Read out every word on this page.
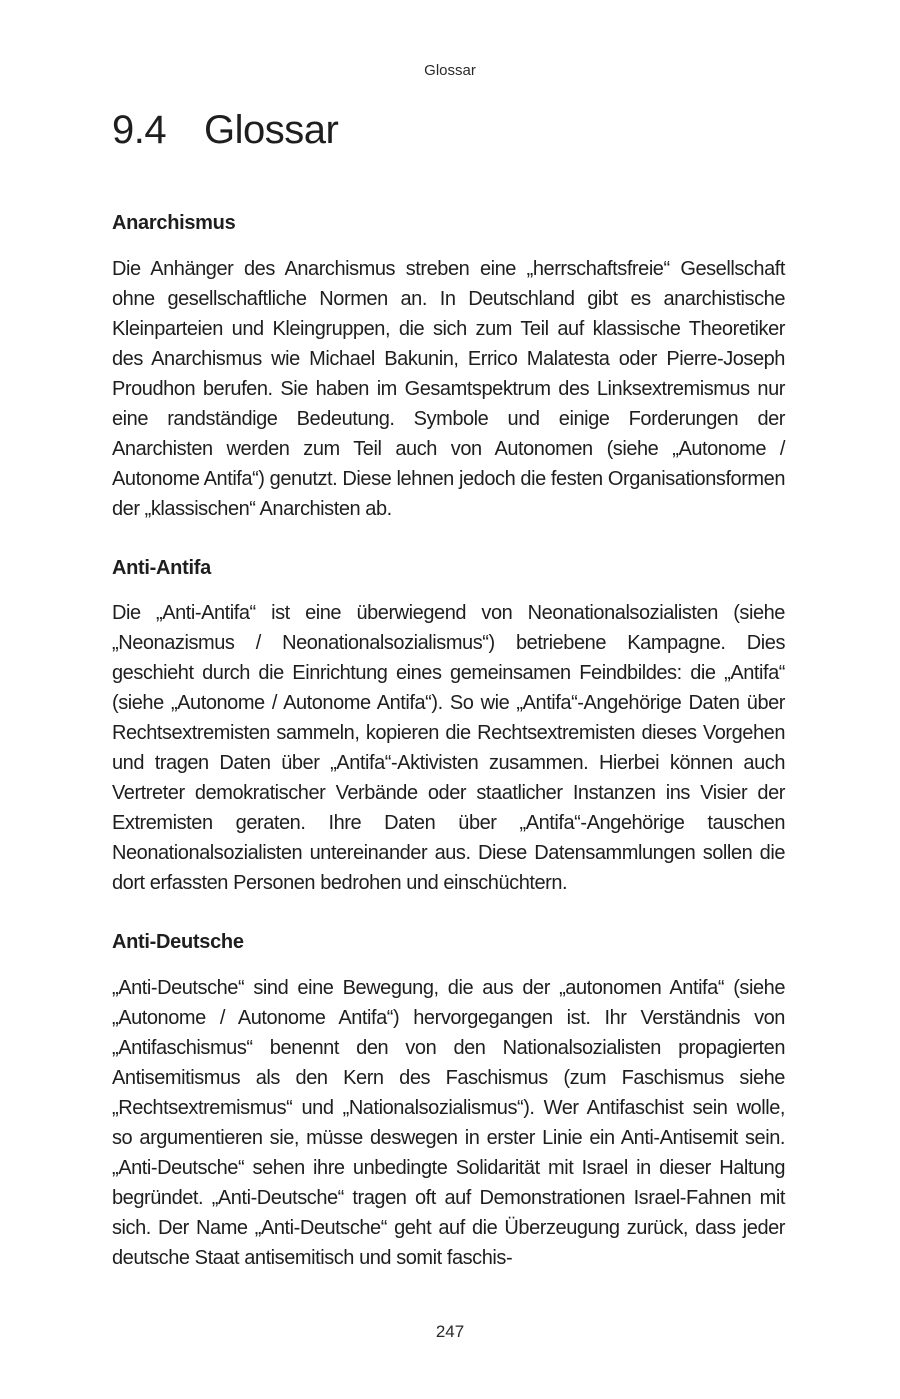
Glossar
9.4 Glossar
Anarchismus

Die Anhänger des Anarchismus streben eine „herrschaftsfreie“ Gesellschaft ohne gesellschaftliche Normen an. In Deutschland gibt es anarchistische Kleinparteien und Kleingruppen, die sich zum Teil auf klassische Theoretiker des Anarchismus wie Michael Bakunin, Errico Malatesta oder Pierre-Joseph Proudhon berufen. Sie haben im Gesamtspektrum des Linksextremismus nur eine randständige Bedeutung. Symbole und einige Forderungen der Anarchisten werden zum Teil auch von Autonomen (siehe „Autonome / Autonome Antifa“) genutzt. Diese lehnen jedoch die festen Organisationsformen der „klassischen“ Anarchisten ab.

Anti-Antifa

Die „Anti-Antifa“ ist eine überwiegend von Neonationalsozialisten (siehe „Neonazismus / Neonationalsozialismus“) betriebene Kampagne. Dies geschieht durch die Einrichtung eines gemeinsamen Feindbildes: die „Antifa“ (siehe „Autonome / Autonome Antifa“). So wie „Antifa“-Angehörige Daten über Rechtsextremisten sammeln, kopieren die Rechtsextremisten dieses Vorgehen und tragen Daten über „Antifa“-Aktivisten zusammen. Hierbei können auch Vertreter demokratischer Verbände oder staatlicher Instanzen ins Visier der Extremisten geraten. Ihre Daten über „Antifa“-Angehörige tauschen Neonationalsozialisten untereinander aus. Diese Datensammlungen sollen die dort erfassten Personen bedrohen und einschüchtern.

Anti-Deutsche

„Anti-Deutsche“ sind eine Bewegung, die aus der „autonomen Antifa“ (siehe „Autonome / Autonome Antifa“) hervorgegangen ist. Ihr Verständnis von „Antifaschismus“ benennt den von den Nationalsozialisten propagierten Antisemitismus als den Kern des Faschismus (zum Faschismus siehe „Rechtsextremismus“ und „Nationalsozialismus“). Wer Antifaschist sein wolle, so argumentieren sie, müsse deswegen in erster Linie ein Anti-Antisemit sein. „Anti-Deutsche“ sehen ihre unbedingte Solidarität mit Israel in dieser Haltung begründet. „Anti-Deutsche“ tragen oft auf Demonstrationen Israel-Fahnen mit sich. Der Name „Anti-Deutsche“ geht auf die Überzeugung zurück, dass jeder deutsche Staat antisemitisch und somit faschis-

247
